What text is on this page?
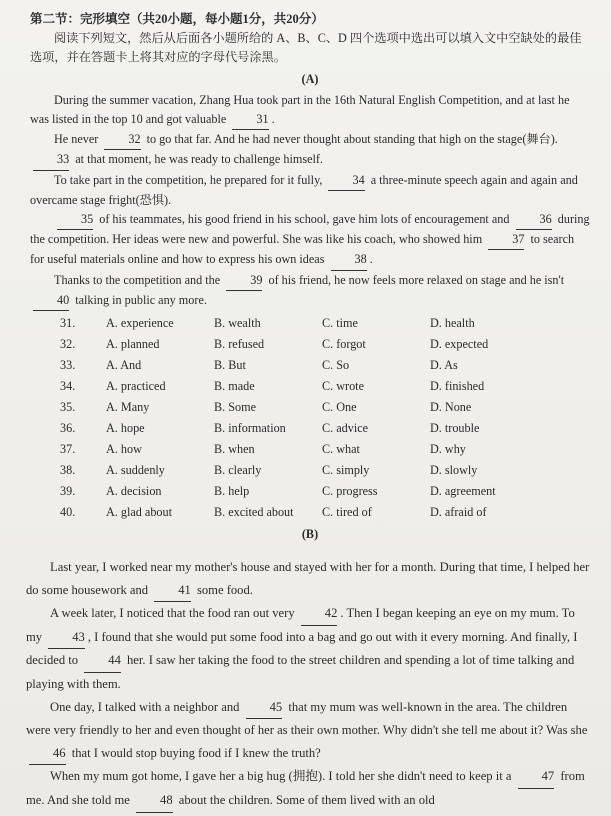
第二节：完形填空（共20小题，每小题1分，共20分）

阅读下列短文，然后从后面各小题所给的 A、B、C、D 四个选项中选出可以填入文中空缺处的最佳选项，并在答题卡上将其对应的字母代号涂黑。

(A)

During the summer vacation, Zhang Hua took part in the 16th Natural English Competition, and at last he was listed in the top 10 and got valuable 31 .

He never 32 to go that far. And he had never thought about standing that high on the stage(舞台). 33 at that moment, he was ready to challenge himself.

To take part in the competition, he prepared for it fully, 34 a three-minute speech again and again and overcame stage fright(恐惧).

35 of his teammates, his good friend in his school, gave him lots of encouragement and 36 during the competition. Her ideas were new and powerful. She was like his coach, who showed him 37 to search for useful materials online and how to express his own ideas 38 .

Thanks to the competition and the 39 of his friend, he now feels more relaxed on stage and he isn't 40 talking in public any more.

31.	A. experience	B. wealth	C. time	D. health
32.	A. planned	B. refused	C. forgot	D. expected
33.	A. And	B. But	C. So	D. As
34.	A. practiced	B. made	C. wrote	D. finished
35.	A. Many	B. Some	C. One	D. None
36.	A. hope	B. information	C. advice	D. trouble
37.	A. how	B. when	C. what	D. why
38.	A. suddenly	B. clearly	C. simply	D. slowly
39.	A. decision	B. help	C. progress	D. agreement
40.	A. glad about	B. excited about	C. tired of	D. afraid of
(B)

Last year, I worked near my mother's house and stayed with her for a month. During that time, I helped her do some housework and 41 some food.

A week later, I noticed that the food ran out very 42 . Then I began keeping an eye on my mum. To my 43 , I found that she would put some food into a bag and go out with it every morning. And finally, I decided to 44 her. I saw her taking the food to the street children and spending a lot of time talking and playing with them.

One day, I talked with a neighbor and 45 that my mum was well-known in the area. The children were very friendly to her and even thought of her as their own mother. Why didn't she tell me about it? Was she 46 that I would stop buying food if I knew the truth?

When my mum got home, I gave her a big hug (拥抱). I told her she didn't need to keep it a 47 from me. And she told me 48 about the children. Some of them lived with an old
